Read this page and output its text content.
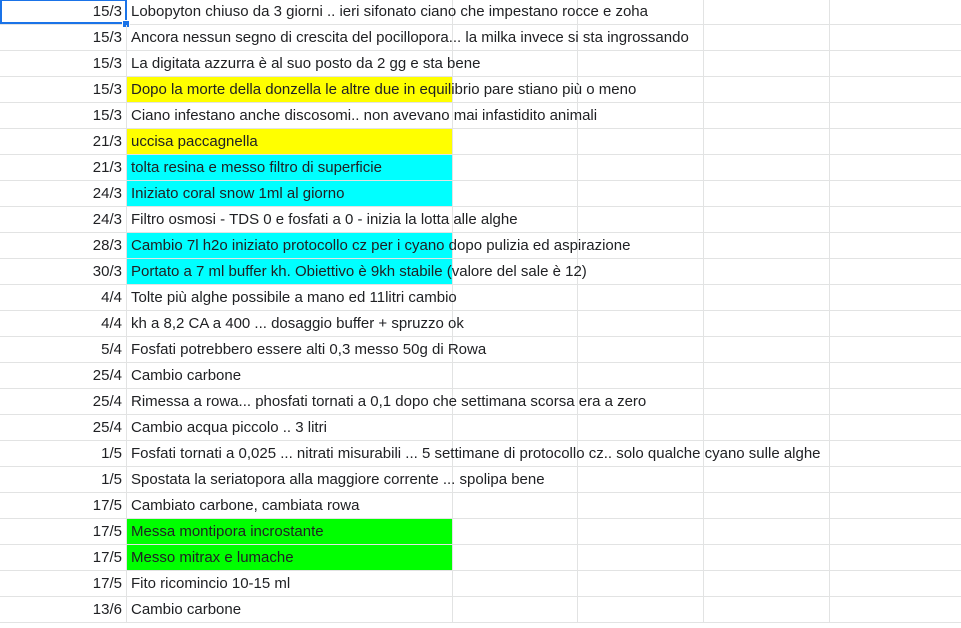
15/3 Lobopyton chiuso da 3 giorni .. ieri sifonato ciano che impestano rocce e zoha
15/3 Ancora nessun segno di crescita del pocillopora... la milka invece si sta ingrossando
15/3 La digitata azzurra è al suo posto da 2 gg e sta bene
15/3 Dopo la morte della donzella le altre due in equilibrio pare stiano più o meno
15/3 Ciano infestano anche discosomi.. non avevano mai infastidito animali
21/3 uccisa paccagnella
21/3 tolta resina e messo filtro di superficie
24/3 Iniziato coral snow 1ml al giorno
24/3 Filtro osmosi - TDS 0 e fosfati a 0 - inizia la lotta alle alghe
28/3 Cambio 7l h2o iniziato protocollo cz per i cyano dopo pulizia ed aspirazione
30/3 Portato a 7 ml buffer kh. Obiettivo è 9kh stabile (valore del sale è 12)
4/4 Tolte più alghe possibile a mano ed 11litri cambio
4/4 kh a 8,2 CA a 400 ... dosaggio buffer + spruzzo ok
5/4 Fosfati potrebbero essere alti 0,3 messo 50g di Rowa
25/4 Cambio carbone
25/4 Rimessa a rowa... phosfati tornati a 0,1 dopo che settimana scorsa era a zero
25/4 Cambio acqua piccolo .. 3 litri
1/5 Fosfati tornati a 0,025 ... nitrati misurabili ... 5 settimane di protocollo cz.. solo qualche cyano sulle alghe
1/5 Spostata la seriatopora alla maggiore corrente ... spolipa bene
17/5 Cambiato carbone, cambiata rowa
17/5 Messa montipora incrostante
17/5 Messo mitrax e lumache
17/5 Fito ricomincio 10-15 ml
13/6 Cambio carbone
